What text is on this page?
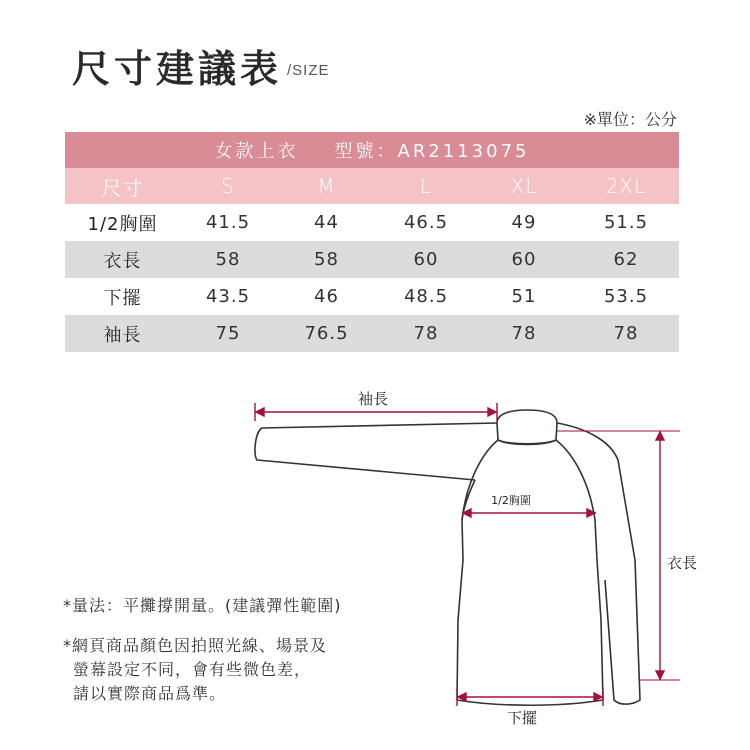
尺寸建議表 /SIZE
※單位：公分
女款上衣 型號：AR2113075					
尺寸	S	M	L	XL	2XL
1/2胸圍	41.5	44	46.5	49	51.5
衣長	58	58	60	60	62
下擺	43.5	46	48.5	51	53.5
袖長	75	76.5	78	78	78
袖長
1/2胸圍
衣長
下擺
*量法：平攤撐開量。(建議彈性範圍)
*網頁商品顏色因拍照光線、場景及
螢幕設定不同，會有些微色差，
請以實際商品爲準。
